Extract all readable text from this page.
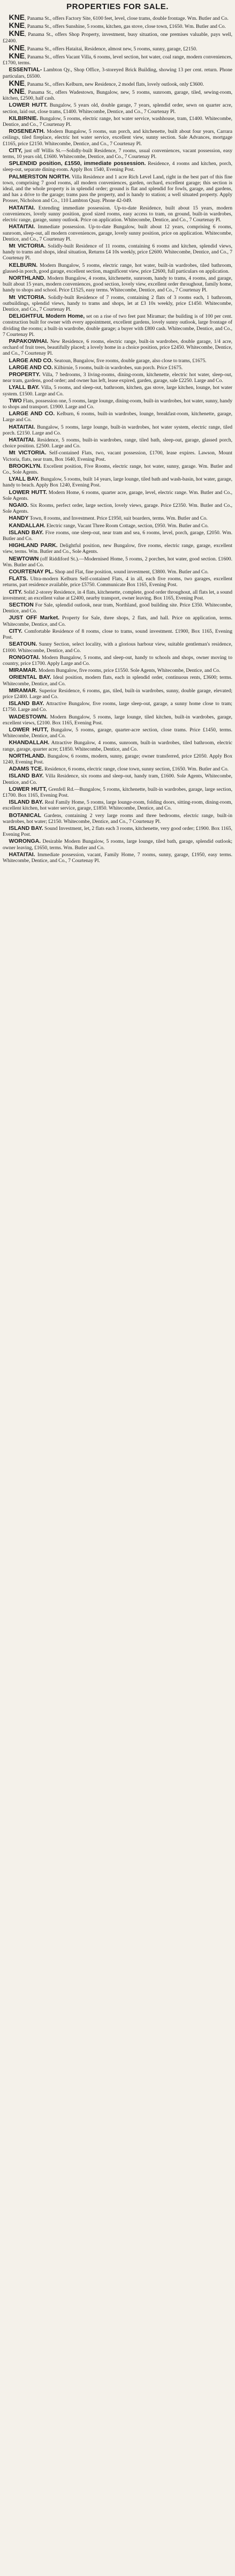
PROPERTIES FOR SALE.

KNE, Panama St., offers Factory Site, 6100 feet, level, close trams, double frontage. Wm. Butler and Co.

KNE, Panama St., offers Sunshine, 5 rooms, kitchen, gas stove, close town, £1650. Wm. Butler and Co.

KNE, Panama St., offers Shop Property, investment, busy situation, one premises valuable, pays well, £2400.

KNE, Panama St., offers Hataitai, Residence, almost new, 5 rooms, sunny, garage, £2150.

KNE, Panama St., offers Vacant Villa, 6 rooms, level section, hot water, coal range, modern conveniences, £1700, terms.

ESSENTIAL- Lambton Qy., Shop Office, 3-storeyed Brick Building, showing 13 per cent. return. Phone particulars, £6500.

KNE, Panama St., offers Kelburn, new Residence, 2 model flats, lovely outlook, only £3600.

KNE, Panama St., offers Wadestown, Bungalow, new, 5 rooms, sunroom, garage, tiled, sewing-room, kitchen, £2500, half cash.

LOWER HUTT. Bungalow, 5 years old, double garage, 7 years, splendid order, sewn on quarter acre, section, laid out, close trams, £1400. Whitecombe, Dentice, and Co., 7 Courtenay Pl.

KILBIRNIE. Bungalow, 5 rooms, electric range, hot water service, washhouse, tram, £1400. Whitecombe, Dentice, and Co., 7 Courtenay Pl.

ROSENEATH. Modern Bungalow, 5 rooms, sun porch, and kitchenette, built about four years, Carrara ceilings, tiled fireplace, electric hot water service, excellent view, sunny section. Sale Advances, mortgage £1165, price £2150. Whitecombe, Dentice, and Co., 7 Courtenay Pl.

CITY, just off Willis St.—Solidly-built Residence, 7 rooms, usual conveniences, vacant possession, easy terms, 10 years old, £1600. Whitecombe, Dentice, and Co., 7 Courtenay Pl.

SPLENDID position, £1550, immediate possession. Residence, 4 rooms and kitchen, porch, sleep-out, separate dining-room. Apply Box 1540, Evening Post.

PALMERSTON NORTH. Villa Residence and 1 acre Rich Level Land, right in the best part of this fine town, comprising 7 good rooms, all modern conveniences, garden, orchard, excellent garage; this section is ideal, and the whole property is in splendid order; ground is flat and splendid for fowls, garage, and gardens, and has a drive to the garage; trams pass the property, and is handy to station; a well situated property. Apply Prosser, Nicholson and Co., 110 Lambton Quay. Phone 42-049.

HATAITAI. Extending immediate possession. Up-to-date Residence, built about 15 years, modern conveniences, lovely sunny position, good sized rooms, easy access to tram, on ground, built-in wardrobes, electric range, garage, sunny outlook. Price on application. Whitecombe, Dentice, and Co., 7 Courtenay Pl.

HATAITAI. Immediate possession. Up-to-date Bungalow, built about 12 years, comprising 6 rooms, sunroom, sleep-out, all modern conveniences, garage, lovely sunny position, price on application. Whitecombe, Dentice, and Co., 7 Courtenay Pl.

Mt VICTORIA. Solidly-built Residence of 11 rooms, containing 6 rooms and kitchen, splendid views, handy to trams and shops, ideal situation, Returns £4 10s weekly, price £2600. Whitecombe, Dentice, and Co., 7 Courtenay Pl.

KELBURN. Modern Bungalow, 5 rooms, electric range, hot water, built-in wardrobes, tiled bathroom, glassed-in porch, good garage, excellent section, magnificent view, price £2600, full particulars on application.

NORTHLAND. Modern Bungalow, 4 rooms, kitchenette, sunroom, handy to trams, 4 rooms, and garage, built about 15 years, modern conveniences, good section, lovely view, excellent order throughout, family home, handy to shops and school. Price £1525, easy terms. Whitecombe, Dentice, and Co., 7 Courtenay Pl.

Mt VICTORIA. Solidly-built Residence of 7 rooms, containing 2 flats of 3 rooms each, 1 bathroom, outbuildings, splendid views, handy to trams and shops, let at £3 10s weekly, price £1450. Whitecombe, Dentice, and Co., 7 Courtenay Pl.

DELIGHTFUL Modern Home, set on a rise of two feet past Miramar; the building is of 100 per cent. construction built for owner with every appointment, excellent gardens, lovely sunny outlook, large frontage of dividing the rooms; a built-in wardrobe, double garage; a buyer with £800 cash. Whitecombe, Dentice, and Co., 7 Courtenay Pl.

PAPAKOWHAI. New Residence, 6 rooms, electric range, built-in wardrobes, double garage, 1/4 acre, orchard of fruit trees, beautifully placed; a lovely home in a choice position, price £2450. Whitecombe, Dentice, and Co., 7 Courtenay Pl.

LARGE AND CO. Seatoun, Bungalow, five rooms, double garage, also close to trams, £1675.

LARGE AND CO. Kilbirnie, 5 rooms, built-in wardrobes, sun porch. Price £1675.

PROPERTY. Villa, 7 bedrooms, 3 living-rooms, dining-room, kitchenette, electric hot water, sleep-out, near tram, gardens, good order; and owner has left, lease expired, garden, garage, sale £2250. Large and Co.

LYALL BAY. Villa, 5 rooms, and sleep-out, bathroom, kitchen, gas stove, large kitchen, lounge, hot water system. £1500. Large and Co.

TWO Flats, possession one, 5 rooms, large lounge, dining-room, built-in wardrobes, hot water, sunny, handy to shops and transport. £1900. Large and Co.

LARGE AND CO. Kelburn, 6 rooms, built-in wardrobes, lounge, breakfast-room, kitchenette, garage, Large and Co.

HATAITAI. Bungalow, 5 rooms, large lounge, built-in wardrobes, hot water system, electric range, tiled porch. £2150. Large and Co.

HATAITAI. Residence, 5 rooms, built-in wardrobes, range, tiled bath, sleep-out, garage, glassed porch, choice position. £2500. Large and Co.

Mt VICTORIA. Self-contained Flats, two, vacant possession, £1700, lease expires. Lawson, Mount Victoria, flats, near tram, Box 1640, Evening Post.

BROOKLYN. Excellent position, Five Rooms, electric range, hot water, sunny, garage. Wm. Butler and Co., Sole Agents.

LYALL BAY. Bungalow, 5 rooms, built 14 years, large lounge, tiled bath and wash-basin, hot water, garage, handy to beach. Apply Box 1240, Evening Post.

LOWER HUTT. Modern Home, 6 rooms, quarter acre, garage, level, electric range. Wm. Butler and Co., Sole Agents.

NGAIO. Six Rooms, perfect order, large section, lovely views, garage. Price £2350. Wm. Butler and Co., Sole Agents.

HANDY Town, 8 rooms, and Investment. Price £1950, suit boarders, terms. Wm. Butler and Co.

KANDALLAH. Electric range, Vacant Three Room Cottage, section, £950. Wm. Butler and Co.

ISLAND BAY. Five rooms, one sleep-out, near tram and sea, 6 rooms, level, porch, garage, £2050. Wm. Butler and Co.

HIGHLAND PARK. Delightful position, new Bungalow, five rooms, electric range, garage, excellent view, terms. Wm. Butler and Co., Sole Agents.

NEWTOWN (off Riddiford St.).—Modernised Home, 5 rooms, 2 porches, hot water, good section. £1600. Wm. Butler and Co.

COURTENAY PL. Shop and Flat, fine position, sound investment, £3800. Wm. Butler and Co.

FLATS. Ultra-modern Kelburn Self-contained Flats, 4 in all, each five rooms, two garages, excellent returns, part residence available, price £5750. Communicate Box 1165, Evening Post.

CITY. Solid 2-storey Residence, in 4 flats, kitchenette, complete, good order throughout, all flats let, a sound investment; an excellent value at £2400, nearby transport, owner leaving. Box 1165, Evening Post.

SECTION For Sale, splendid outlook, near tram, Northland, good building site. Price £350. Whitecombe, Dentice, and Co.

JUST OFF Market. Property for Sale, three shops, 2 flats, and hall. Price on application, terms. Whitecombe, Dentice, and Co.

CITY. Comfortable Residence of 8 rooms, close to trams, sound investment. £1900, Box 1165, Evening Post.

SEATOUN. Sunny Section, select locality, with a glorious harbour view, suitable gentleman's residence, £1000. Whitecombe, Dentice, and Co.

RONGOTAI. Modern Bungalow, 5 rooms, and sleep-out, handy to schools and shops, owner moving to country, price £1700. Apply Large and Co.

MIRAMAR. Modern Bungalow, five rooms, price £1550. Sole Agents, Whitecombe, Dentice, and Co.

ORIENTAL BAY. Ideal position, modern flats, each in splendid order, continuous rents, £3600; terms. Whitecombe, Dentice, and Co.

MIRAMAR. Superior Residence, 6 rooms, gas, tiled, built-in wardrobes, sunny, double garage, elevated; price £2400. Large and Co.

ISLAND BAY. Attractive Bungalow, five rooms, large sleep-out, garage, a sunny home close to tram; £1750. Large and Co.

WADESTOWN. Modern Bungalow, 5 rooms, large lounge, tiled kitchen, built-in wardrobes, garage, excellent views, £2100. Box 1165, Evening Post.

LOWER HUTT, Bungalow, 5 rooms, garage, quarter-acre section, close trams. Price £1450, terms. Whitecombe, Dentice, and Co.

KHANDALLAH. Attractive Bungalow, 4 rooms, sunroom, built-in wardrobes, tiled bathroom, electric range, garage, quarter acre; £1850. Whitecombe, Dentice, and Co.

NORTHLAND. Bungalow, 6 rooms, modern, sunny, garage; owner transferred, price £2050. Apply Box 1240, Evening Post.

ADAMS TCE. Residence, 6 rooms, electric range, close town, sunny section, £1650. Wm. Butler and Co.

ISLAND BAY. Villa Residence, six rooms and sleep-out, handy tram, £1600. Sole Agents, Whitecombe, Dentice, and Co.

LOWER HUTT, Grenfell Rd.—Bungalow, 5 rooms, kitchenette, built-in wardrobes, garage, large section, £1700. Box 1165, Evening Post.

ISLAND BAY. Real Family Home, 5 rooms, large lounge-room, folding doors, sitting-room, dining-room, excellent kitchen, hot water service, garage, £1850. Whitecombe, Dentice, and Co.

BOTANICAL Gardens, containing 2 very large rooms and three bedrooms, electric range, built-in wardrobes, hot water; £2150. Whitecombe, Dentice, and Co., 7 Courtenay Pl.

ISLAND BAY. Sound Investment, let, 2 flats each 3 rooms, kitchenette, very good order; £1900. Box 1165, Evening Post.

WORONGA. Desirable Modern Bungalow, 5 rooms, large lounge, tiled bath, garage, splendid outlook; owner leaving, £1650, terms. Wm. Butler and Co.

HATAITAI. Immediate possession, vacant, Family Home, 7 rooms, sunny, garage, £1950, easy terms. Whitecombe, Dentice, and Co., 7 Courtenay Pl.
